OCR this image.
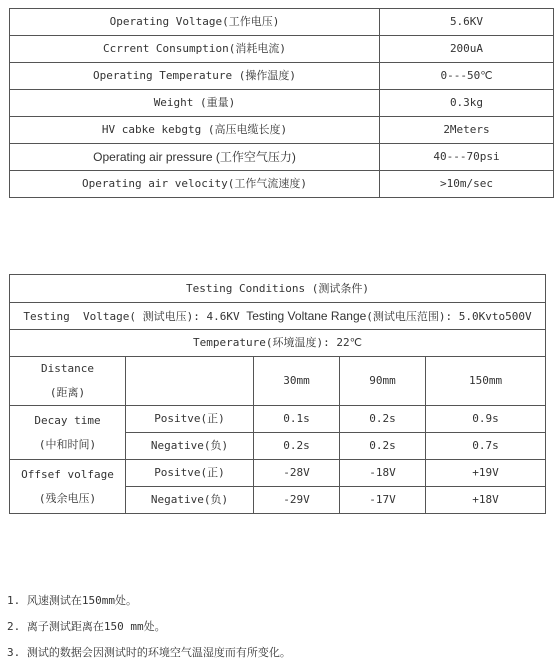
Operating Voltage(工作电压)	5.6KV
Ccrrent Consumption(消耗电流)	200uA
Operating Temperature (操作温度)	0---50℃
Weight (重量)	0.3kg
HV cabke kebgtg (高压电缆长度)	2Meters
Operating air pressure (工作空气压力)	40---70psi
Operating air velocity(工作气流速度)	>10m/sec
Testing Conditions (测试条件)				
Testing  Voltage( 测试电压): 4.6KV Testing Voltane Range(测试电压范围): 5.0Kvto500V				
Temperature(环境温度): 22℃				

Distance
(距离)		30mm	90mm	150mm

Decay time
(中和时间)	Positve(正)	0.1s	0.2s	0.9s
	Negative(负)	0.2s	0.2s	0.7s

Offsef volfage
(残余电压)	Positve(正)	-28V	-18V	+19V
	Negative(负)	-29V	-17V	+18V
1. 风速测试在150mm处。
2. 离子测试距离在150 mm处。
3. 测试的数据会因测试时的环境空气温湿度而有所变化。
